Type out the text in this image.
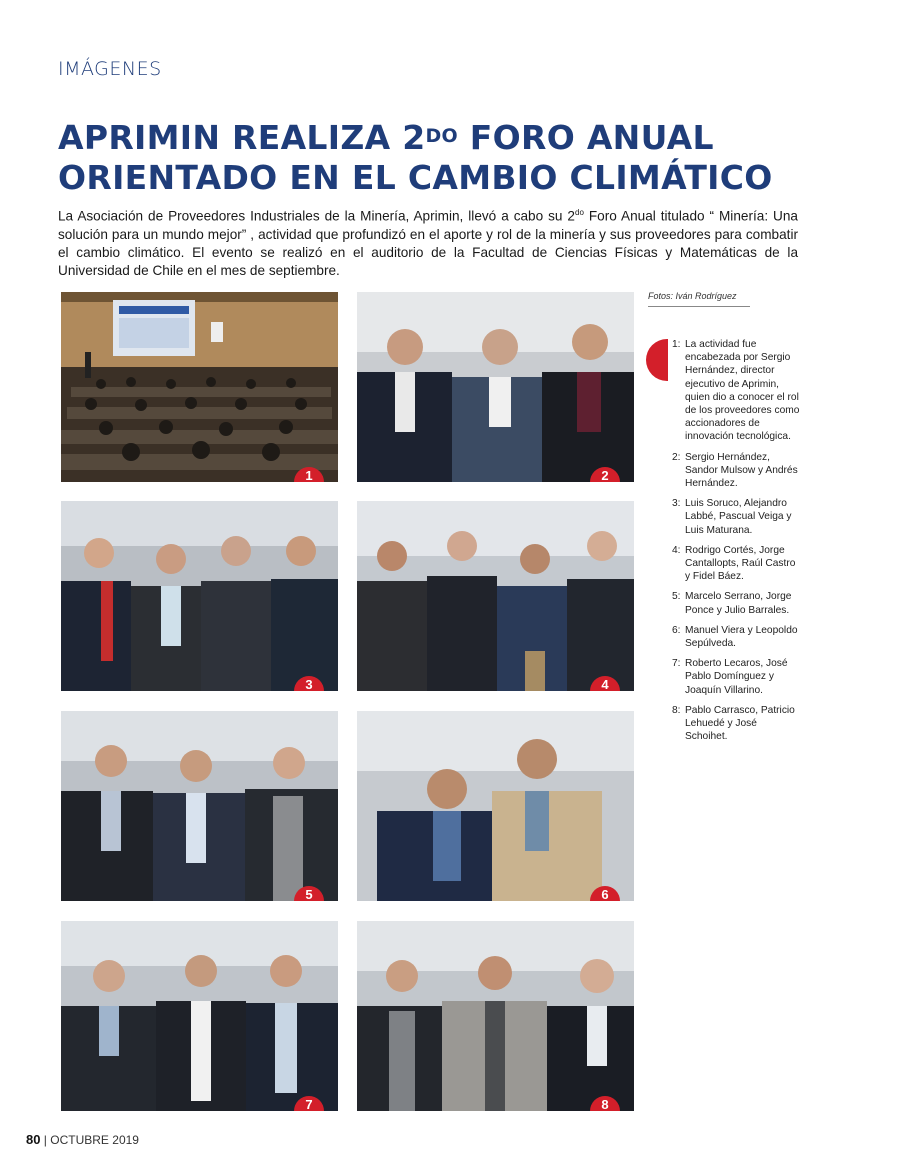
IMÁGENES
APRIMIN REALIZA $2^{DO}$ FORO ANUAL
ORIENTADO EN EL CAMBIO CLIMÁTICO

La Asociación de Proveedores Industriales de la Minería, Aprimin, llevó a cabo su $2^{do}$ Foro Anual titulado “ Minería: Una solución para un mundo mejor” , actividad que profundizó en el aporte y rol de la minería y sus proveedores para combatir el cambio climático. El evento se realizó en el auditorio de la Facultad de Ciencias Físicas y Matemáticas de la Universidad de Chile en el mes de septiembre.

Fotos: Iván Rodríguez
1	2
3	4
5	6
7	8
1: La actividad fue encabezada por Sergio Hernández, director ejecutivo de Aprimin, quien dio a conocer el rol de los proveedores como accionadores de innovación tecnológica.
2: Sergio Hernández, Sandor Mulsow y Andrés Hernández.
3: Luis Soruco, Alejandro Labbé, Pascual Veiga y Luis Maturana.
4: Rodrigo Cortés, Jorge Cantallopts, Raúl Castro y Fidel Báez.
5: Marcelo Serrano, Jorge Ponce y Julio Barrales.
6: Manuel Viera y Leopoldo Sepúlveda.
7: Roberto Lecaros, José Pablo Domínguez y Joaquín Villarino.
8: Pablo Carrasco, Patricio Lehuedé y José Schoihet.
80 | OCTUBRE 2019
